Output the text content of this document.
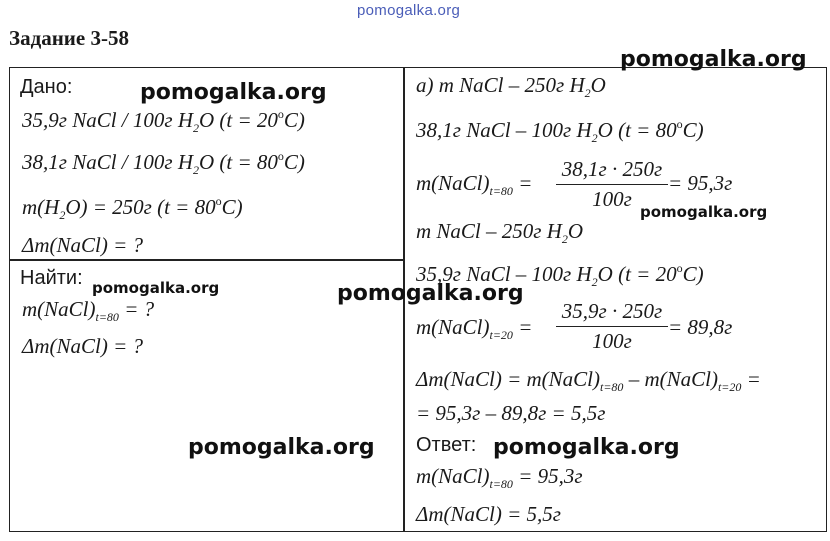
pomogalka.org
Задание 3-58
Дано:
35,9г NaCl / 100г $H_2O$ $(t = 20^oC)$
38,1г NaCl / 100г $H_2O$ $(t = 80^oC)$
$m(H_2O) = 250г$ $(t = 80^oC)$
Δm(NaCl) = ?
Найти:
$m(NaCl)_{t=80}$ = ?
Δm(NaCl) = ?
а) m NaCl – 250г $H_2O$
38,1г NaCl – 100г $H_2O$ $(t = 80^oC)$
$m(NaCl)_{t=80}$ =
38,1г · 250г
100г
= 95,3г
m NaCl – 250г $H_2O$
35,9г NaCl – 100г $H_2O$ $(t = 20^oC)$
$m(NaCl)_{t=20}$ =
35,9г · 250г
100г
= 89,8г
Δm(NaCl) = $m(NaCl)_{t=80}$ – $m(NaCl)_{t=20}$ =
= 95,3г – 89,8г = 5,5г
Ответ:
$m(NaCl)_{t=80} = 95,3г$
Δm(NaCl) = 5,5г
pomogalka.org
pomogalka.org
pomogalka.org
pomogalka.org	pomogalka.org
pomogalka.org	pomogalka.org
